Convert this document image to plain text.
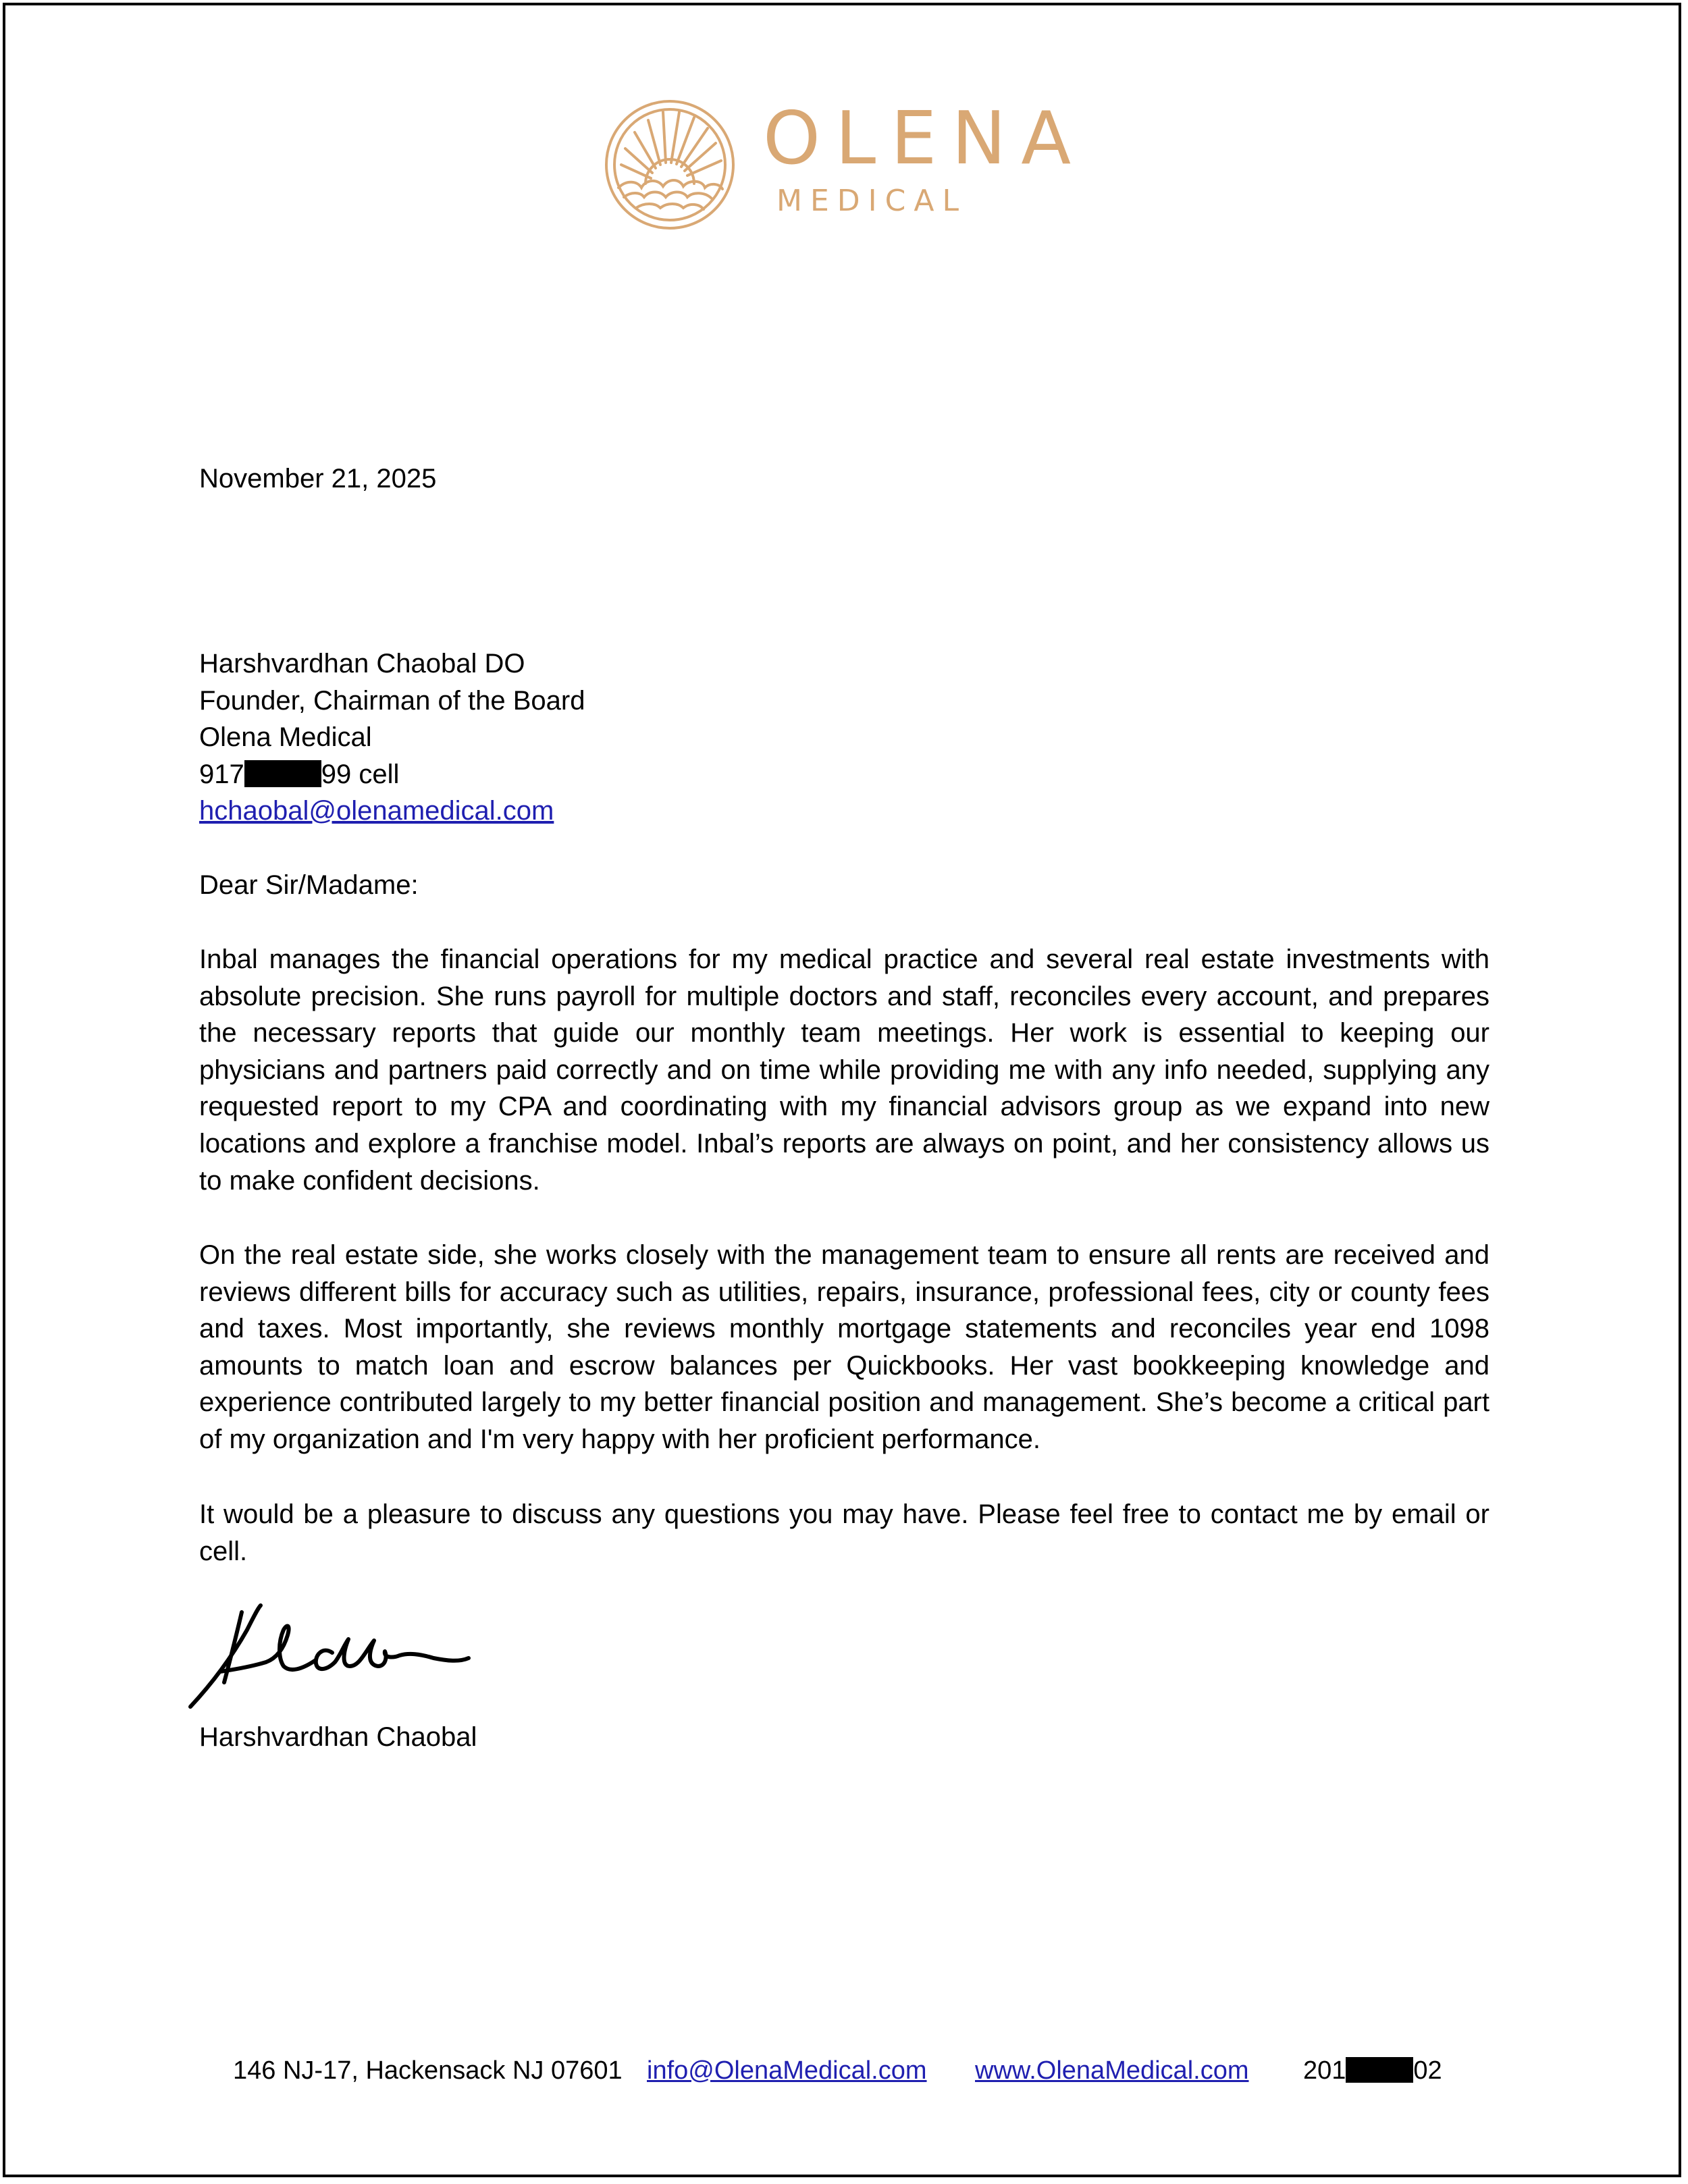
OLENA
MEDICAL
November 21, 2025
Harshvardhan Chaobal DO
Founder, Chairman of the Board
Olena Medical
917	99 cell
hchaobal@olenamedical.com
Dear Sir/Madame:

Inbal manages the financial operations for my medical practice and several real estate investments with absolute precision. She runs payroll for multiple doctors and staff, reconciles every account, and prepares the necessary reports that guide our monthly team meetings. Her work is essential to keeping our physicians and partners paid correctly and on time while providing me with any info needed, supplying any requested report to my CPA and coordinating with my financial advisors group as we expand into new locations and explore a franchise model. Inbal’s reports are always on point, and her consistency allows us to make confident decisions.

On the real estate side, she works closely with the management team to ensure all rents are received and reviews different bills for accuracy such as utilities, repairs, insurance, professional fees, city or county fees and taxes. Most importantly, she reviews monthly mortgage statements and reconciles year end 1098 amounts to match loan and escrow balances per Quickbooks. Her vast bookkeeping knowledge and experience contributed largely to my better financial position and management. She’s become a critical part of my organization and I'm very happy with her proficient performance.

It would be a pleasure to discuss any questions you may have. Please feel free to contact me by email or cell.

Harshvardhan Chaobal
146 NJ-17, Hackensack NJ 07601 info@OlenaMedical.com www.OlenaMedical.com 201	02
